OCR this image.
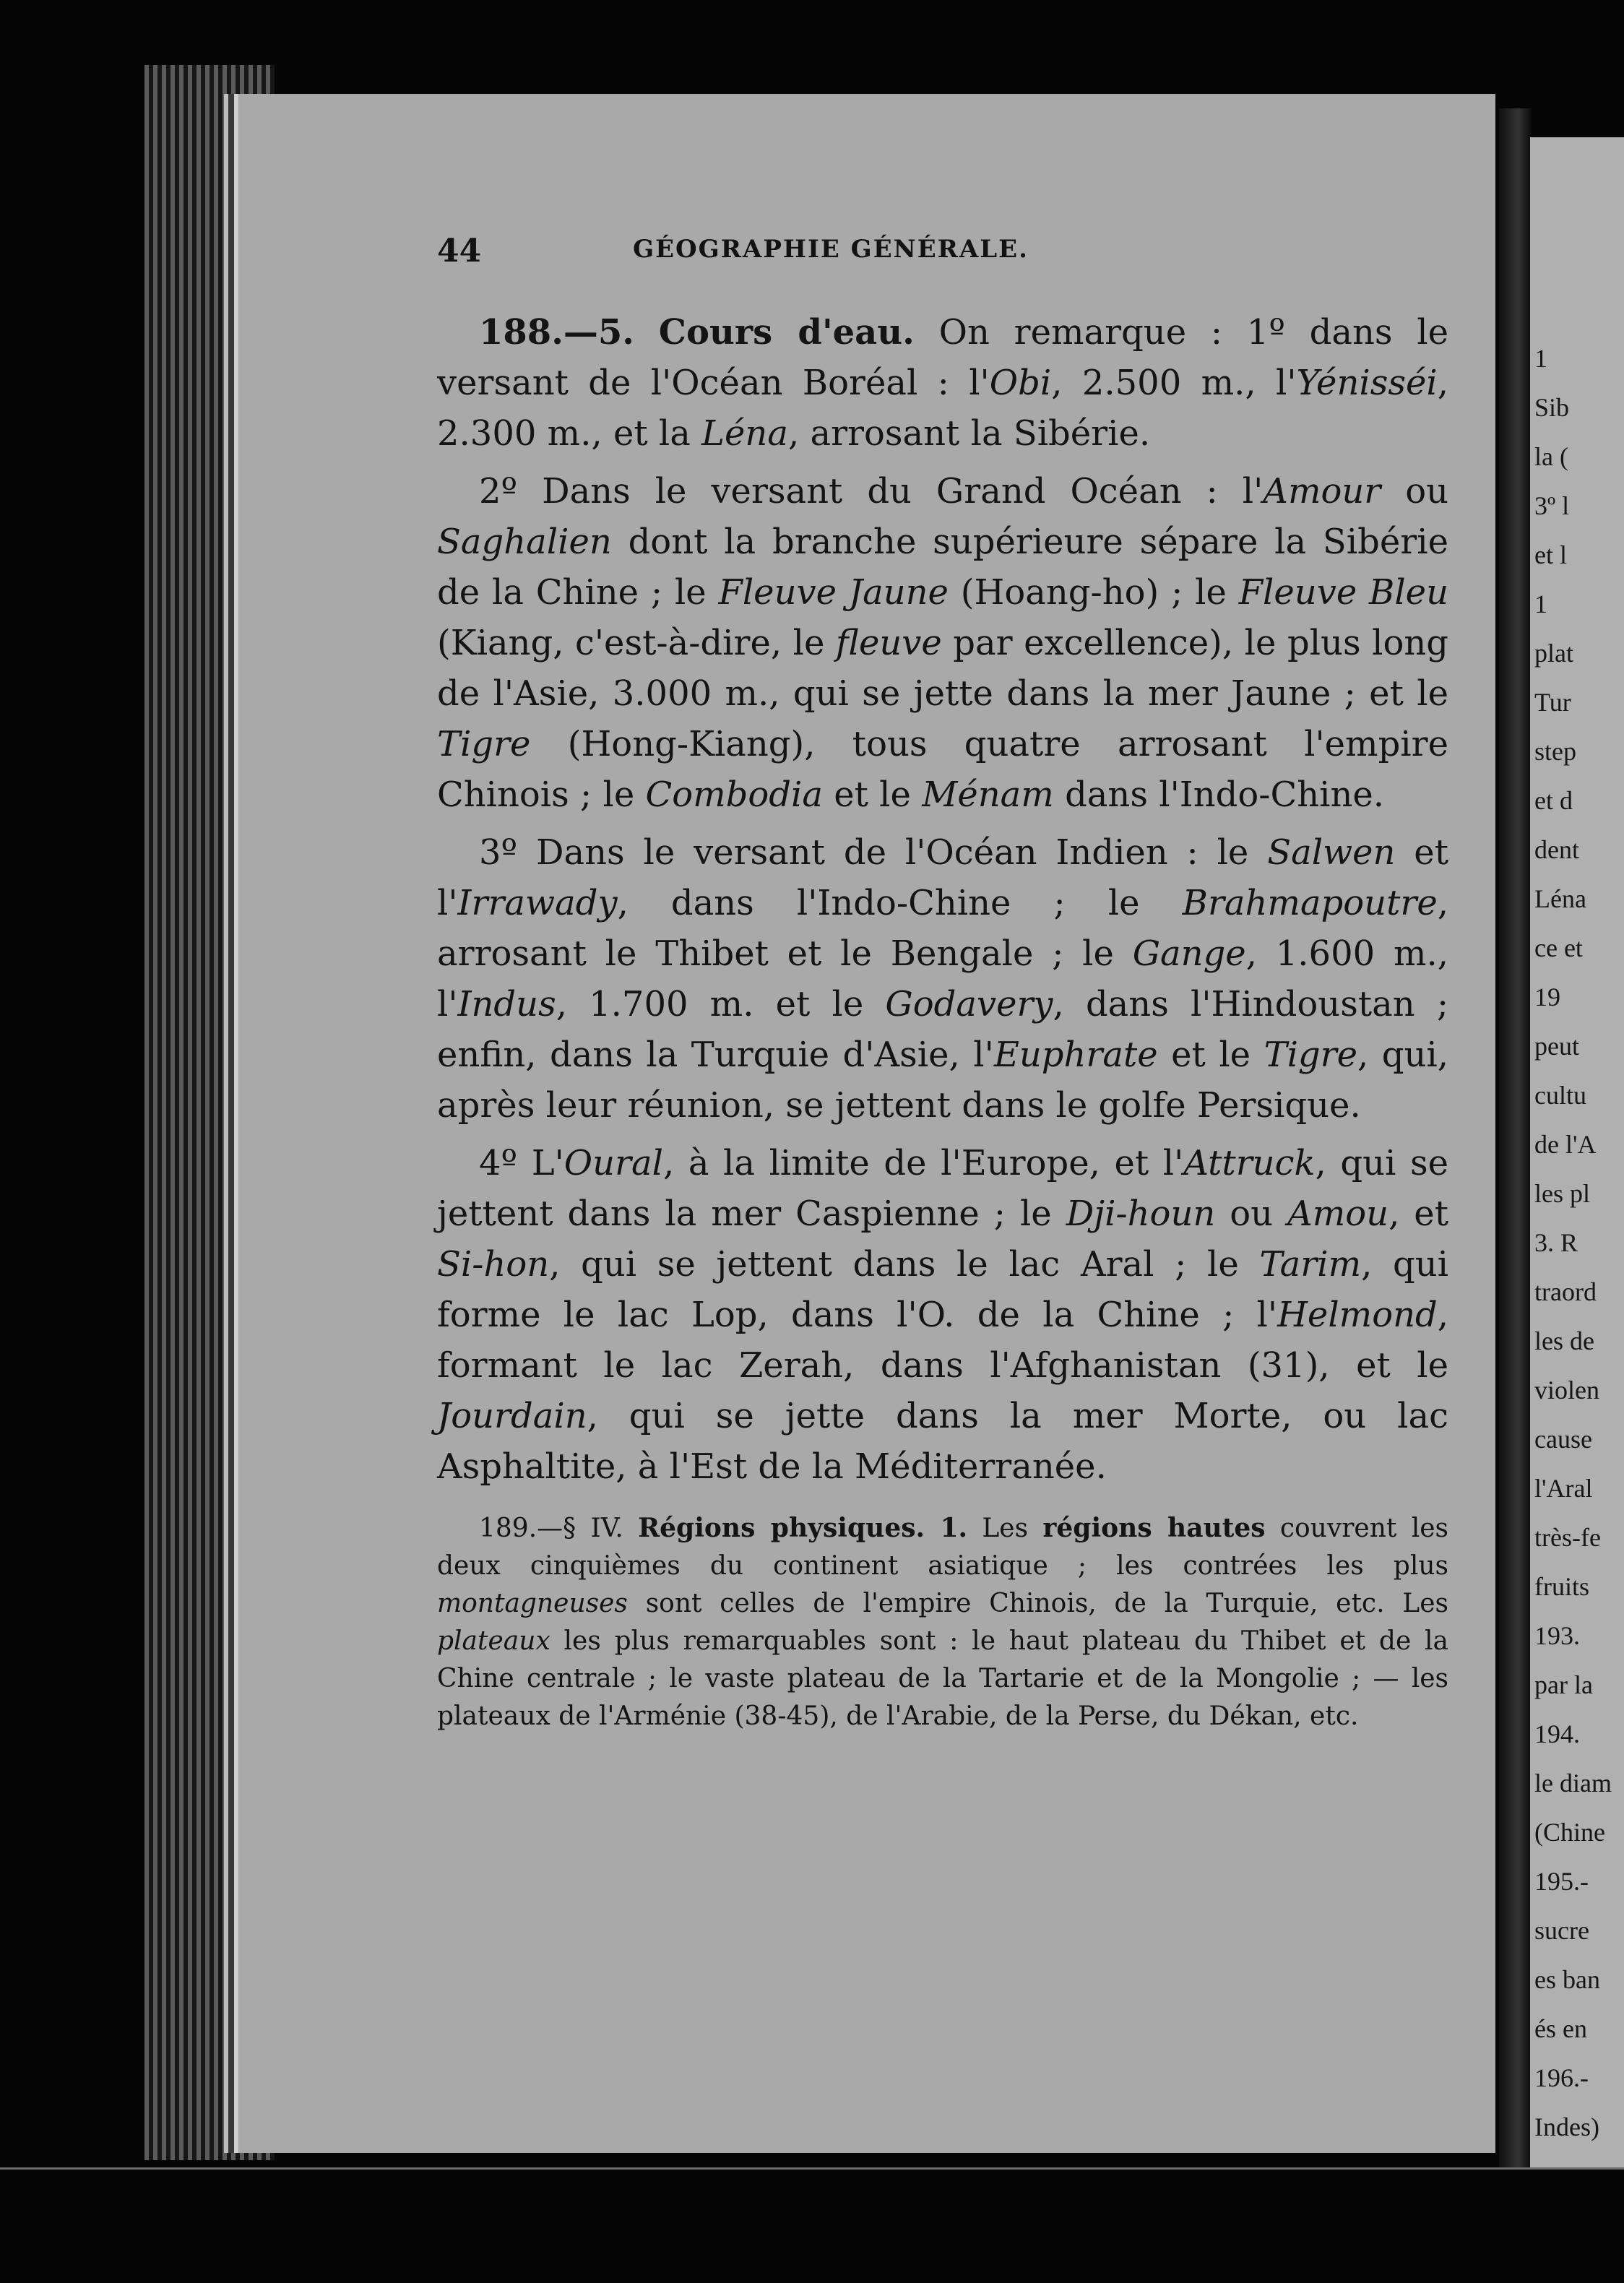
1
Sib
la (
3º l
et l
1
plat
Tur
step
et d
dent
Léna
ce et
19
peut
cultu
de l'A
les pl
3. R
traord
les de
violen
cause
l'Aral
très-fe
fruits
193.
par la
194.
le diam
(Chine
195.-
sucre
es ban
és en
196.-
Indes)
44	GÉOGRAPHIE GÉNÉRALE.

188.—5. Cours d'eau. On remarque : 1º dans le versant de l'Océan Boréal : l'Obi, 2.500 m., l'Yénisséi, 2.300 m., et la Léna, arrosant la Sibérie.

2º Dans le versant du Grand Océan : l'Amour ou Saghalien dont la branche supérieure sépare la Sibérie de la Chine ; le Fleuve Jaune (Hoang-ho) ; le Fleuve Bleu (Kiang, c'est-à-dire, le fleuve par excellence), le plus long de l'Asie, 3.000 m., qui se jette dans la mer Jaune ; et le Tigre (Hong-Kiang), tous quatre arrosant l'empire Chinois ; le Combodia et le Ménam dans l'Indo-Chine.

3º Dans le versant de l'Océan Indien : le Salwen et l'Irrawady, dans l'Indo-Chine ; le Brahmapoutre, arrosant le Thibet et le Bengale ; le Gange, 1.600 m., l'Indus, 1.700 m. et le Godavery, dans l'Hindoustan ; enfin, dans la Turquie d'Asie, l'Euphrate et le Tigre, qui, après leur réunion, se jettent dans le golfe Persique.

4º L'Oural, à la limite de l'Europe, et l'Attruck, qui se jettent dans la mer Caspienne ; le Dji-houn ou Amou, et Si-hon, qui se jettent dans le lac Aral ; le Tarim, qui forme le lac Lop, dans l'O. de la Chine ; l'Helmond, formant le lac Zerah, dans l'Afghanistan (31), et le Jourdain, qui se jette dans la mer Morte, ou lac Asphaltite, à l'Est de la Méditerranée.

189.—§ IV. Régions physiques. 1. Les régions hautes couvrent les deux cinquièmes du continent asiatique ; les contrées les plus montagneuses sont celles de l'empire Chinois, de la Turquie, etc. Les plateaux les plus remarquables sont : le haut plateau du Thibet et de la Chine centrale ; le vaste plateau de la Tartarie et de la Mongolie ; — les plateaux de l'Arménie (38-45), de l'Arabie, de la Perse, du Dékan, etc.
